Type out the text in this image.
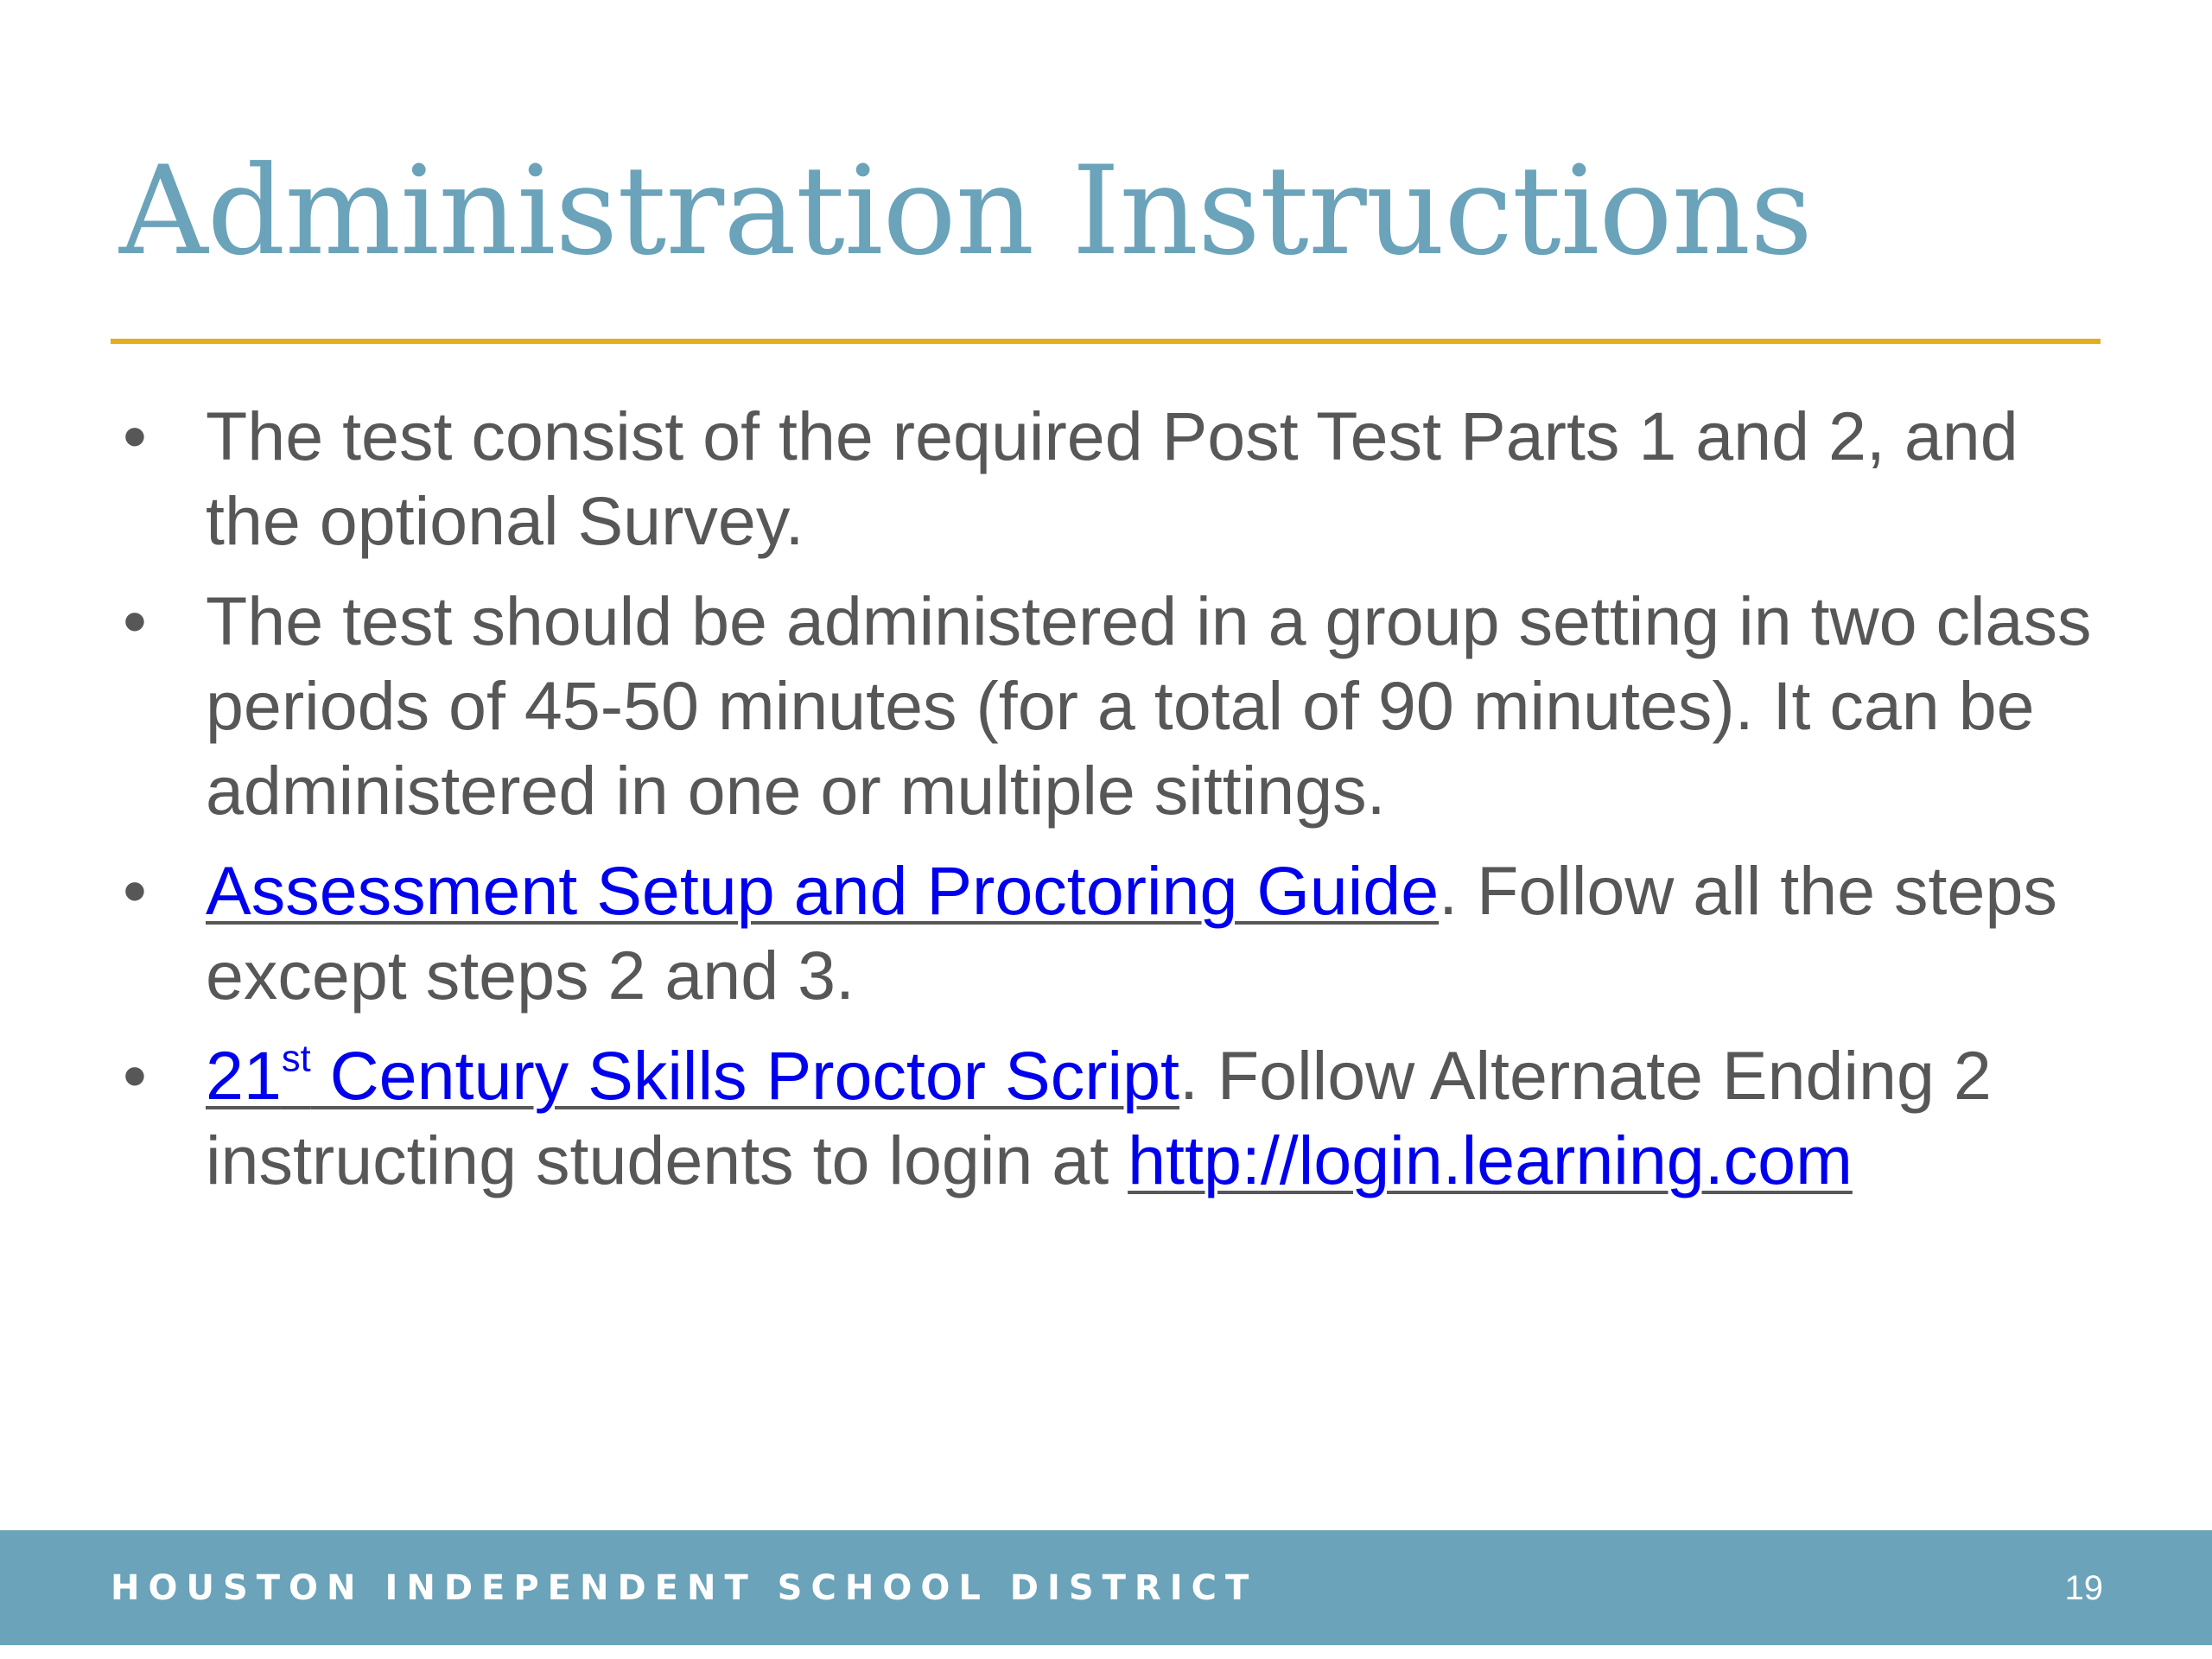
Administration Instructions
• The test consist of the required Post Test Parts 1 and 2, and the optional Survey.
• The test should be administered in a group setting in two class periods of 45-50 minutes (for a total of 90 minutes). It can be administered in one or multiple sittings.
• Assessment Setup and Proctoring Guide. Follow all the steps except steps 2 and 3.
• 21st Century Skills Proctor Script. Follow Alternate Ending 2 instructing students to login at http://login.learning.com
HOUSTON INDEPENDENT SCHOOL DISTRICT	19
